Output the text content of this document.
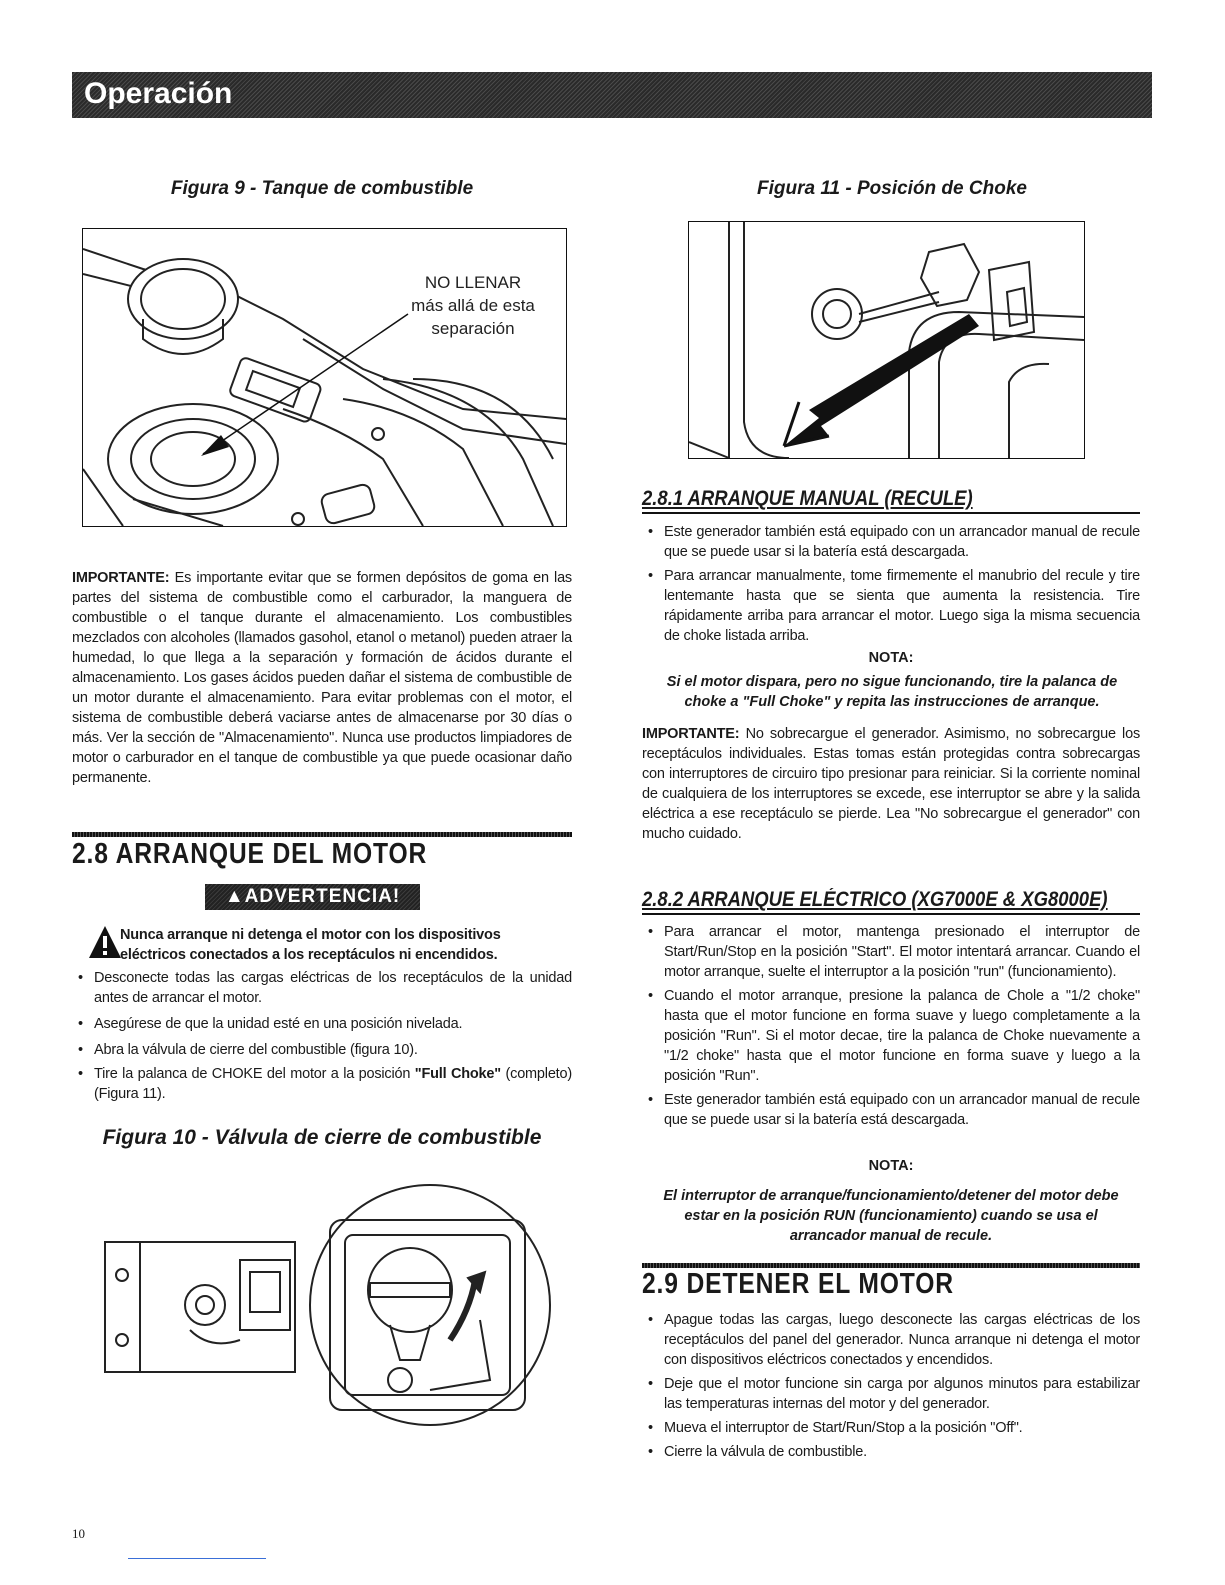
Operación
Figura 9 - Tanque de combustible
NO LLENAR
más allá de esta
separación
IMPORTANTE: Es importante evitar que se formen depósitos de goma en las partes del sistema de combustible como el carburador, la manguera de combustible o el tanque durante el almacenamiento. Los combustibles mezclados con alcoholes (llamados gasohol, etanol o metanol) pueden atraer la humedad, lo que llega a la separación y formación de ácidos durante el almacenamiento. Los gases ácidos pueden dañar el sistema de combustible de un motor durante el almacenamiento. Para evitar problemas con el motor, el sistema de combustible deberá vaciarse antes de almacenarse por 30 días o más. Ver la sección de "Almacenamiento". Nunca use productos limpiadores de motor o carburador en el tanque de combustible ya que puede ocasionar daño permanente.
2.8 ARRANQUE DEL MOTOR
▲ADVERTENCIA!
Nunca arranque ni detenga el motor con los dispositivos eléctricos conectados a los receptáculos ni encendidos.
• Desconecte todas las cargas eléctricas de los receptáculos de la unidad antes de arrancar el motor.
• Asegúrese de que la unidad esté en una posición nivelada.
• Abra la válvula de cierre del combustible (figura 10).
• Tire la palanca de CHOKE del motor a la posición "Full Choke" (completo) (Figura 11).
Figura 10 - Válvula de cierre de combustible
Figura 11 - Posición de Choke
2.8.1 ARRANQUE MANUAL (RECULE)
• Este generador también está equipado con un arrancador manual de recule que se puede usar si la batería está descargada.
• Para arrancar manualmente, tome firmemente el manubrio del recule y tire lentemante hasta que se sienta que aumenta la resistencia. Tire rápidamente arriba para arrancar el motor. Luego siga la misma secuencia de choke listada arriba.
NOTA:
Si el motor dispara, pero no sigue funcionando, tire la palanca de choke a "Full Choke" y repita las instrucciones de arranque.
IMPORTANTE: No sobrecargue el generador. Asimismo, no sobrecargue los receptáculos individuales. Estas tomas están protegidas contra sobrecargas con interruptores de circuiro tipo presionar para reiniciar. Si la corriente nominal de cualquiera de los interruptores se excede, ese interruptor se abre y la salida eléctrica a ese receptáculo se pierde. Lea "No sobrecargue el generador" con mucho cuidado.
2.8.2 ARRANQUE ELÉCTRICO (XG7000E & XG8000E)
• Para arrancar el motor, mantenga presionado el interruptor de Start/Run/Stop en la posición "Start". El motor intentará arrancar. Cuando el motor arranque, suelte el interruptor a la posición "run" (funcionamiento).
• Cuando el motor arranque, presione la palanca de Chole a "1/2 choke" hasta que el motor funcione en forma suave y luego completamente a la posición "Run". Si el motor decae, tire la palanca de Choke nuevamente a "1/2 choke" hasta que el motor funcione en forma suave y luego a la posición "Run".
• Este generador también está equipado con un arrancador manual de recule que se puede usar si la batería está descargada.
NOTA:
El interruptor de arranque/funcionamiento/detener del motor debe estar en la posición RUN (funcionamiento) cuando se usa el arrancador manual de recule.
2.9 DETENER EL MOTOR
• Apague todas las cargas, luego desconecte las cargas eléctricas de los receptáculos del panel del generador. Nunca arranque ni detenga el motor con dispositivos eléctricos conectados y encendidos.
• Deje que el motor funcione sin carga por algunos minutos para estabilizar las temperaturas internas del motor y del generador.
• Mueva el interruptor de Start/Run/Stop a la posición "Off".
• Cierre la válvula de combustible.
10
